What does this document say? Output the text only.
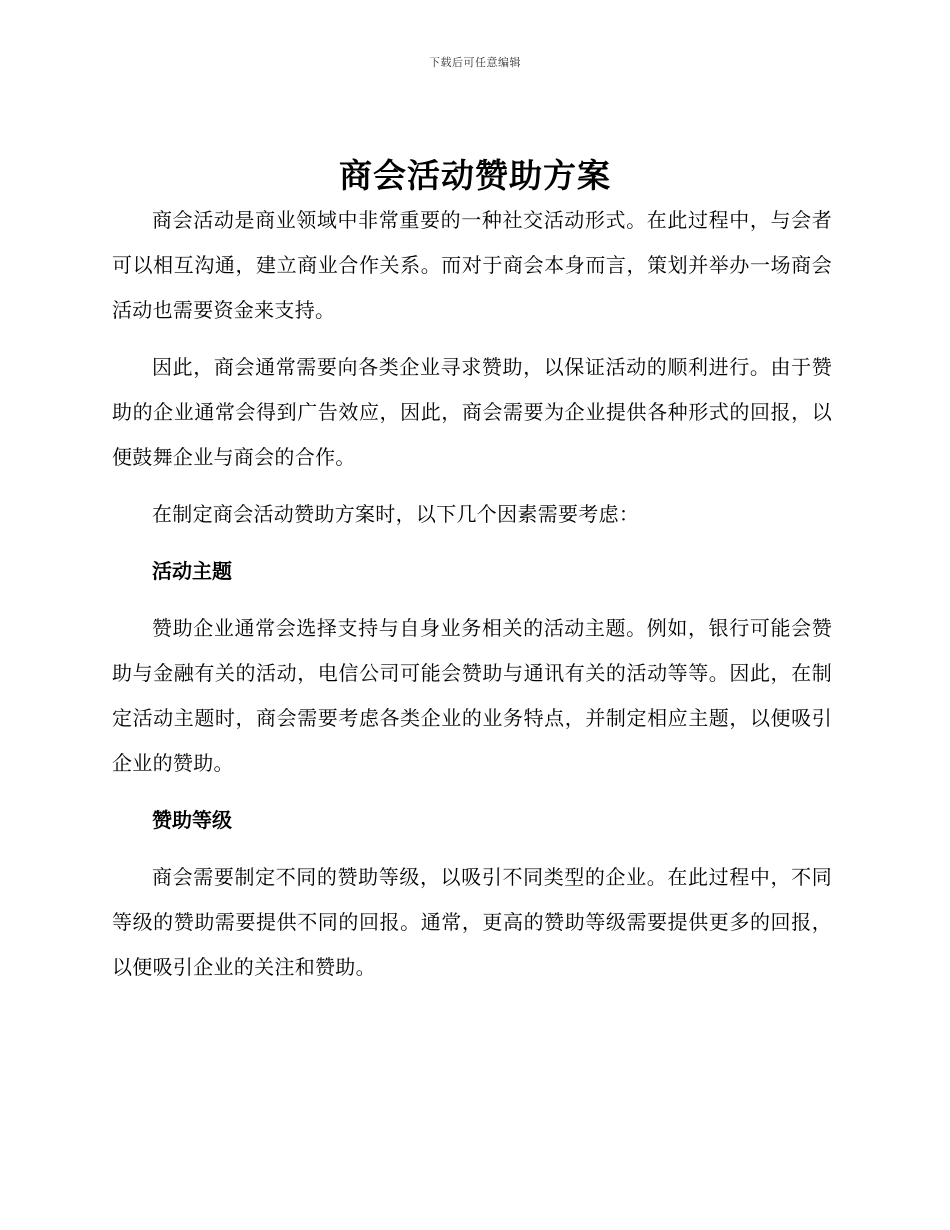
下载后可任意编辑
商会活动赞助方案

商会活动是商业领域中非常重要的一种社交活动形式。在此过程中，与会者可以相互沟通，建立商业合作关系。而对于商会本身而言，策划并举办一场商会活动也需要资金来支持。

因此，商会通常需要向各类企业寻求赞助，以保证活动的顺利进行。由于赞助的企业通常会得到广告效应，因此，商会需要为企业提供各种形式的回报，以便鼓舞企业与商会的合作。

在制定商会活动赞助方案时，以下几个因素需要考虑：

活动主题

赞助企业通常会选择支持与自身业务相关的活动主题。例如，银行可能会赞助与金融有关的活动，电信公司可能会赞助与通讯有关的活动等等。因此，在制定活动主题时，商会需要考虑各类企业的业务特点，并制定相应主题，以便吸引企业的赞助。

赞助等级

商会需要制定不同的赞助等级，以吸引不同类型的企业。在此过程中，不同等级的赞助需要提供不同的回报。通常，更高的赞助等级需要提供更多的回报，以便吸引企业的关注和赞助。
